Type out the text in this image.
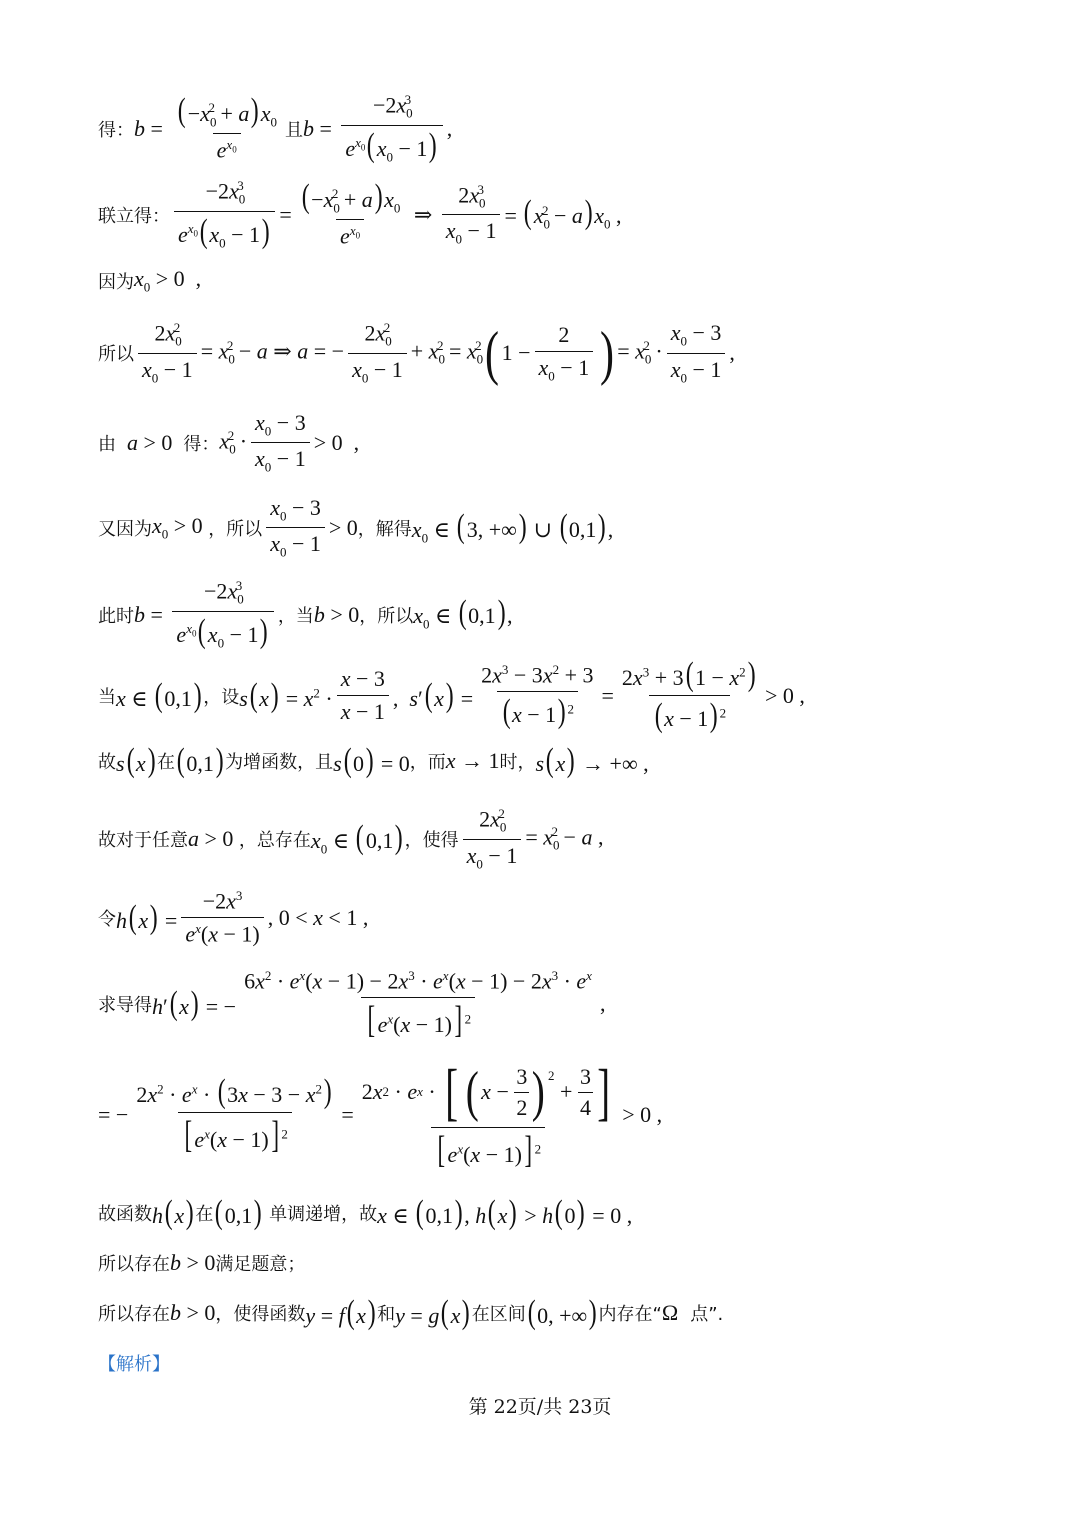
得： $b = \frac{(-x_0^2 + a)x_0}{e^{x_0}}$ 且 $b = \frac{-2x_0^3}{e^{x_0}(x_0 - 1)}$ ,
联立得： $\frac{-2x_0^3}{e^{x_0}(x_0 - 1)} = \frac{(-x_0^2 + a)x_0}{e^{x_0}}$ ⇒ $\frac{2x_0^3}{x_0 - 1} = (x_0^2 - a)x_0$ ,
因为 $x_0 > 0$  ,
所以 $\frac{2x_0^2}{x_0 - 1} = x_0^2 - a$ ⇒ a = − $\frac{2x_0^2}{x_0 - 1} + x_0^2 = x_0^2$ ( $1 - \frac{2}{x_0 - 1}$ ) = $x_0^2 \cdot \frac{x_0 - 3}{x_0 - 1}$ ,
由 a > 0 得： $x_0^2 \cdot \frac{x_0 - 3}{x_0 - 1} > 0$  ,
又因为 $x_0 > 0$ ，所以 $\frac{x_0 - 3}{x_0 - 1} > 0$ ，解得 $x_0$ ∈ (3, +∞) ∪ (0,1),
此时 $b = \frac{-2x_0^3}{e^{x_0}(x_0 - 1)}$ ，当 b > 0 ，所以 $x_0$ ∈ (0,1),
当 x ∈ (0,1) ，设 $s(x) = x^2 \cdot \frac{x - 3}{x - 1}$ ,  $s'(x) = \frac{2x^3 - 3x^2 + 3}{(x - 1) ^2} = \frac{2x^3 + 3(1 - x^2)}{(x - 1) ^2} > 0$ ,
故 s(x) 在 (0,1) 为增函数，且 s(0) = 0 ，而 x → 1 时， s(x) → +∞ ,
故对于任意 a > 0 ，总存在 $x_0$ ∈ (0,1) ，使得 $\frac{2x_0^2}{x_0 - 1} = x_0^2 - a$ ,
令 $h(x) = \frac{-2x^3}{e^x(x - 1)}$ , 0 < x < 1 ,
求导得 h′(x) = − $\frac{6x^2 \cdot e^x(x - 1) - 2x^3 \cdot e^x(x - 1) - 2x^3 \cdot e^x}{[ e^x(x - 1)] ^2}$ ,
= − $\frac{2x^2 \cdot e^x \cdot (3x - 3 - x^2)}{[ e^x(x - 1)] ^2} = 2$ x 2 · e x · [ ( $x - \frac{3}{2} )^2$
+ $\frac{3}{4}$ ]
[ $e^x(x - 1)$] $^2$ > 0 ,
故函数 h(x) 在 (0,1) 单调递增，故 x ∈ (0,1), h(x) > h(0) = 0 ,
所以存在 b > 0 满足题意；
所以存在 b > 0 ，使得函数 y = f(x) 和 y = g(x) 在区间 (0, +∞) 内存在“ Ω 点”.
【解析】
第 22页/共 23页
